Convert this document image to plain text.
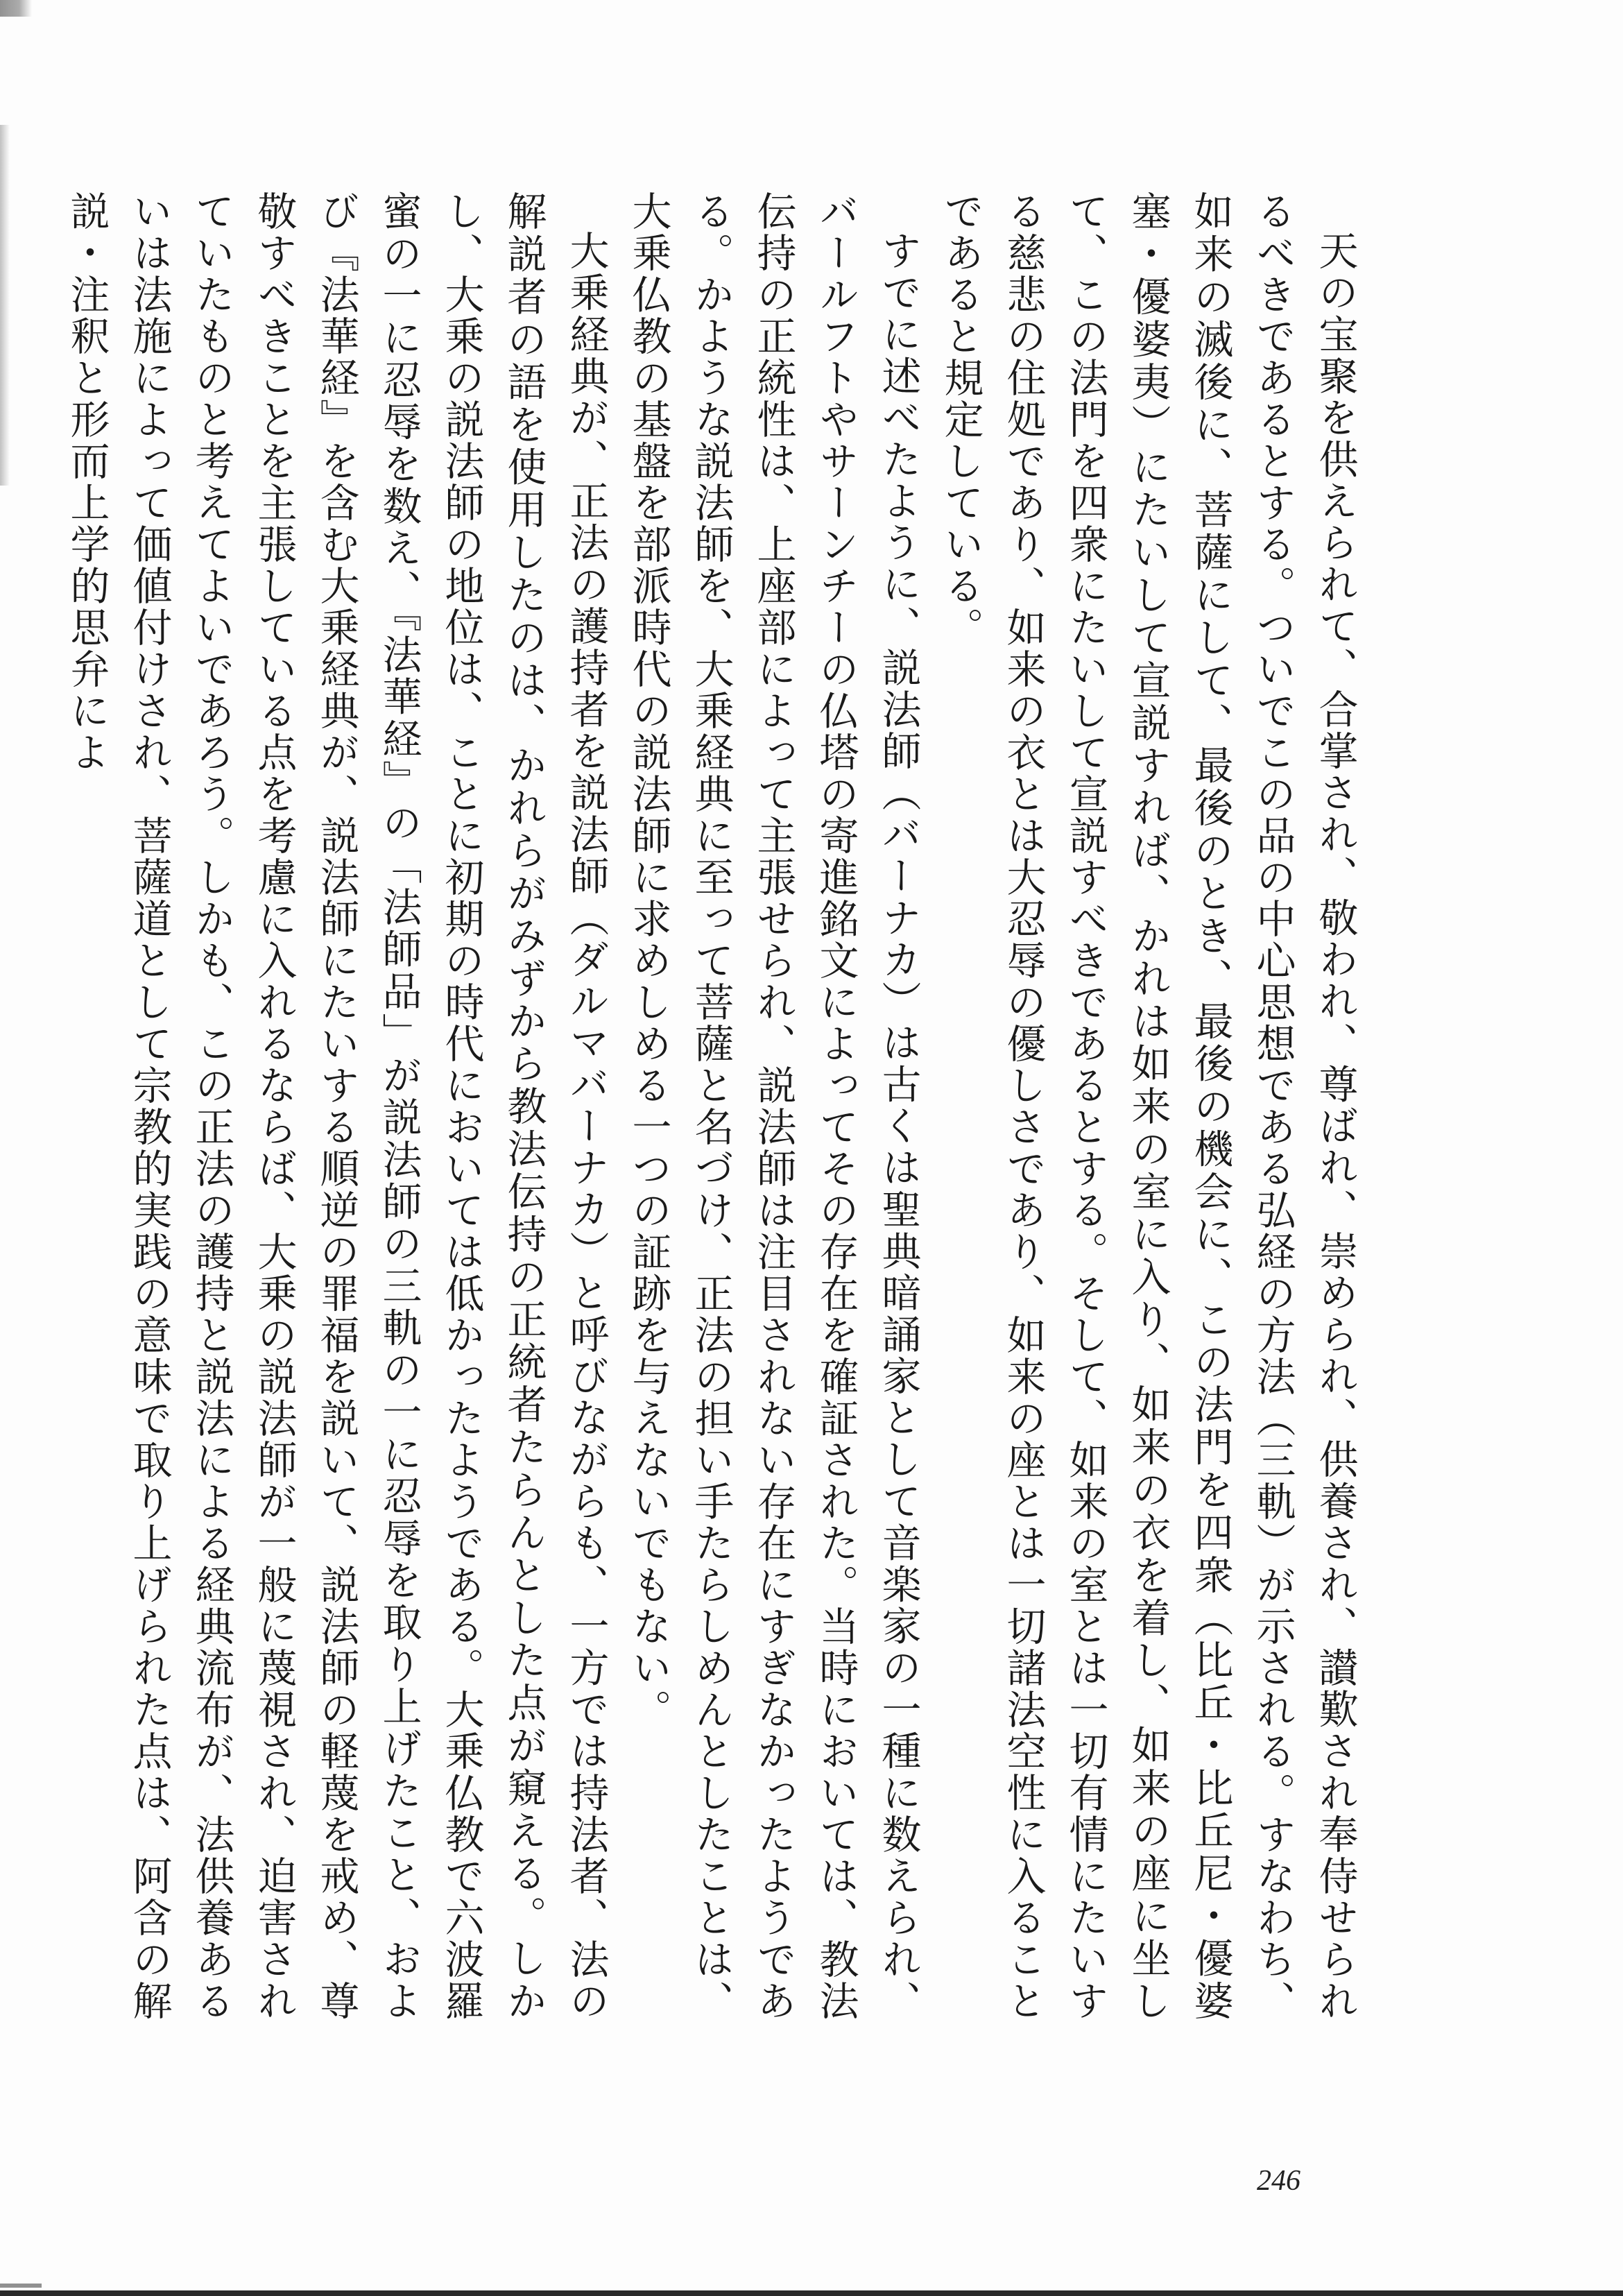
天の宝聚を供えられて、合掌され、敬われ、尊ばれ、崇められ、供養され、讃歎され奉侍せられるべきであるとする。ついでこの品の中心思想である弘経の方法（三軌）が示される。すなわち、如来の滅後に、菩薩にして、最後のとき、最後の機会に、この法門を四衆（比丘・比丘尼・優婆塞・優婆夷）にたいして宣説すれば、かれは如来の室に入り、如来の衣を着し、如来の座に坐して、この法門を四衆にたいして宣説すべきであるとする。そして、如来の室とは一切有情にたいする慈悲の住処であり、如来の衣とは大忍辱の優しさであり、如来の座とは一切諸法空性に入ることであると規定している。

すでに述べたように、説法師（バーナカ）は古くは聖典暗誦家として音楽家の一種に数えられ、バールフトやサーンチーの仏塔の寄進銘文によってその存在を確証された。当時においては、教法伝持の正統性は、上座部によって主張せられ、説法師は注目されない存在にすぎなかったようである。かような説法師を、大乗経典に至って菩薩と名づけ、正法の担い手たらしめんとしたことは、大乗仏教の基盤を部派時代の説法師に求めしめる一つの証跡を与えないでもない。

大乗経典が、正法の護持者を説法師（ダルマバーナカ）と呼びながらも、一方では持法者、法の解説者の語を使用したのは、かれらがみずから教法伝持の正統者たらんとした点が窺える。しかし、大乗の説法師の地位は、ことに初期の時代においては低かったようである。大乗仏教で六波羅蜜の一に忍辱を数え、『法華経』の「法師品」が説法師の三軌の一に忍辱を取り上げたこと、および『法華経』を含む大乗経典が、説法師にたいする順逆の罪福を説いて、説法師の軽蔑を戒め、尊敬すべきことを主張している点を考慮に入れるならば、大乗の説法師が一般に蔑視され、迫害されていたものと考えてよいであろう。しかも、この正法の護持と説法による経典流布が、法供養あるいは法施によって価値付けされ、菩薩道として宗教的実践の意味で取り上げられた点は、阿含の解説・注釈と形而上学的思弁によ

246
